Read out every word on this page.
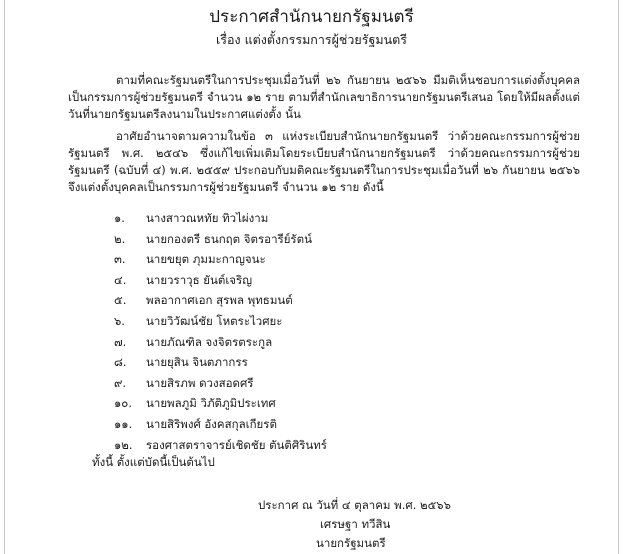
ประกาศสำนักนายกรัฐมนตรี
เรื่อง แต่งตั้งกรรมการผู้ช่วยรัฐมนตรี

ตามที่คณะรัฐมนตรีในการประชุมเมื่อวันที่ ๒๖ กันยายน ๒๕๖๖ มีมติเห็นชอบการแต่งตั้งบุคคลเป็นกรรมการผู้ช่วยรัฐมนตรี จำนวน ๑๒ ราย ตามที่สำนักเลขาธิการนายกรัฐมนตรีเสนอ โดยให้มีผลตั้งแต่วันที่นายกรัฐมนตรีลงนามในประกาศแต่งตั้ง นั้น

อาศัยอำนาจตามความในข้อ ๓ แห่งระเบียบสำนักนายกรัฐมนตรี ว่าด้วยคณะกรรมการผู้ช่วยรัฐมนตรี พ.ศ. ๒๕๔๖ ซึ่งแก้ไขเพิ่มเติมโดยระเบียบสำนักนายกรัฐมนตรี ว่าด้วยคณะกรรมการผู้ช่วยรัฐมนตรี (ฉบับที่ ๔) พ.ศ. ๒๕๕๙ ประกอบกับมติคณะรัฐมนตรีในการประชุมเมื่อวันที่ ๒๖ กันยายน ๒๕๖๖ จึงแต่งตั้งบุคคลเป็นกรรมการผู้ช่วยรัฐมนตรี จำนวน ๑๒ ราย ดังนี้

๑. นางสาวณหทัย ทิวไผ่งาม
๒. นายกองตรี ธนกฤต จิตรอารีย์รัตน์
๓. นายขยุต ภุมมะกาญจนะ
๔. นายวราวุธ ยันต์เจริญ
๕. พลอากาศเอก สุรพล พุทธมนต์
๖. นายวิวัฒน์ชัย โหตระไวศยะ
๗. นายภัณฑิล จงจิตรตระกูล
๘. นายยุสิน จินตภากรร
๙. นายสิรภพ ดวงสอดศรี
๑๐. นายพลภูมิ วิภัติภูมิประเทศ
๑๑. นายสิริพงศ์ อังคสกุลเกียรติ
๑๒. รองศาสตราจารย์เชิดชัย ตันติศิรินทร์
ทั้งนี้ ตั้งแต่บัดนี้เป็นต้นไป
ประกาศ ณ วันที่ ๔ ตุลาคม พ.ศ. ๒๕๖๖
เศรษฐา ทวีสิน
นายกรัฐมนตรี
